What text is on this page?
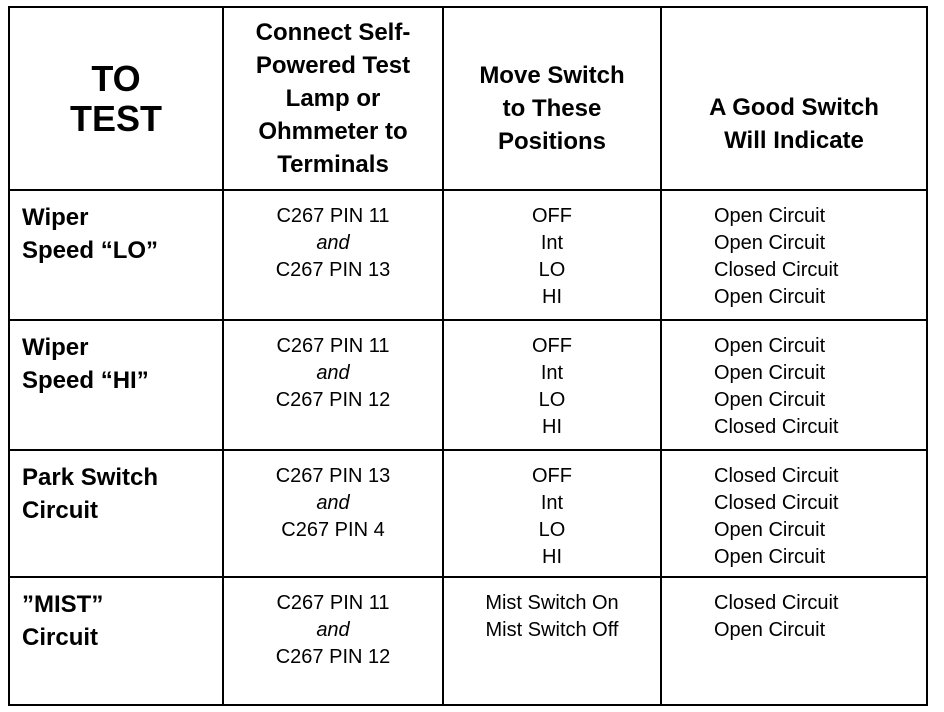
TO
TEST
Connect Self-
Powered Test
Lamp or
Ohmmeter to
Terminals
Move Switch
to These
Positions
A Good Switch
Will Indicate
Wiper
Speed “LO”
C267 PIN 11
and
C267 PIN 13
OFF
Int
LO
HI
Open Circuit
Open Circuit
Closed Circuit
Open Circuit
Wiper
Speed “HI”
C267 PIN 11
and
C267 PIN 12
OFF
Int
LO
HI
Open Circuit
Open Circuit
Open Circuit
Closed Circuit
Park Switch
Circuit
C267 PIN 13
and
C267 PIN 4
OFF
Int
LO
HI
Closed Circuit
Closed Circuit
Open Circuit
Open Circuit
”MIST”
Circuit
C267 PIN 11
and
C267 PIN 12
Mist Switch On
Mist Switch Off
Closed Circuit
Open Circuit
